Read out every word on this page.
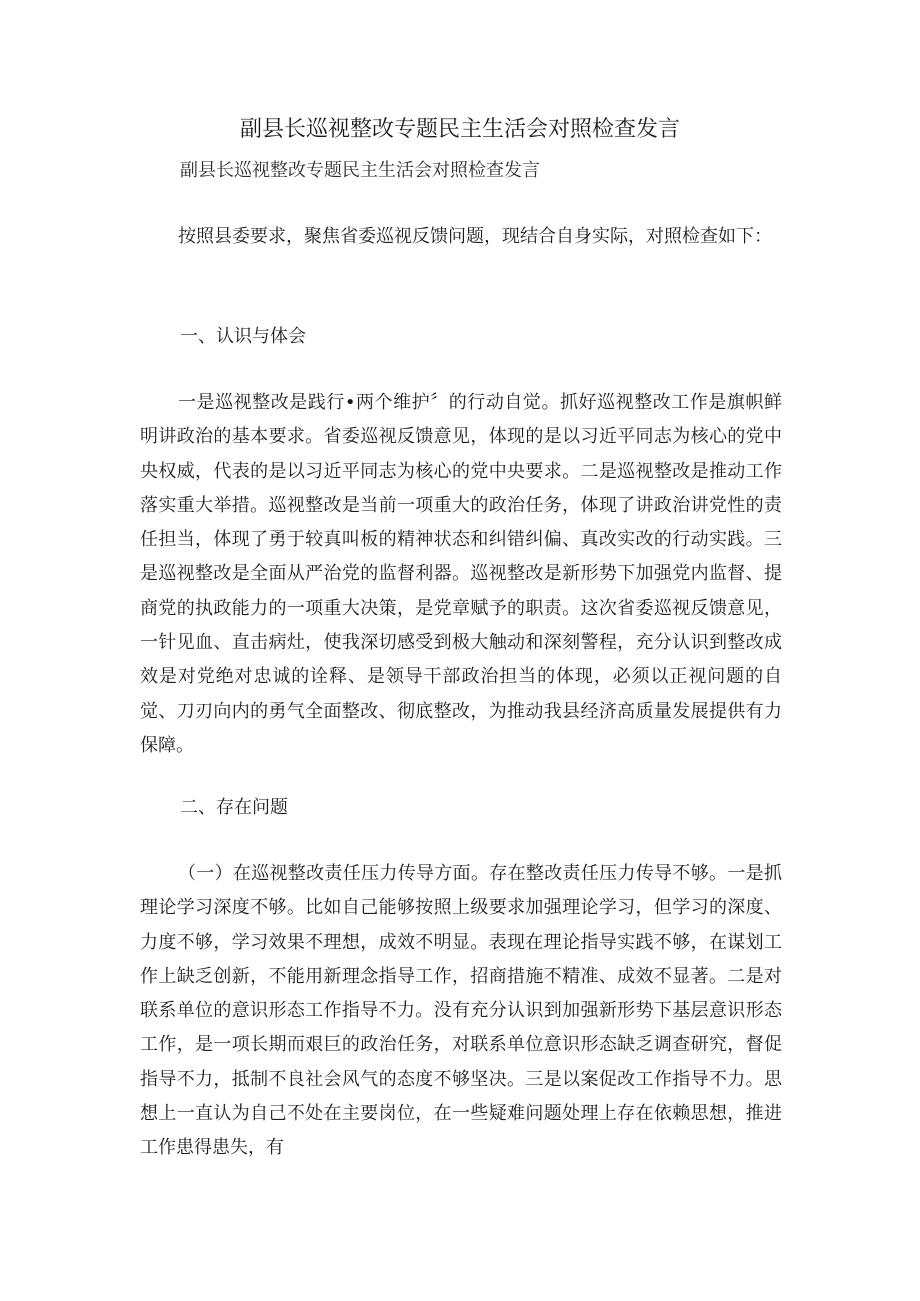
副县长巡视整改专题民主生活会对照检查发言
副县长巡视整改专题民主生活会对照检查发言

按照县委要求，聚焦省委巡视反馈问题，现结合自身实际，对照检查如下：

一、认识与体会

一是巡视整改是践行•两个维护〞的行动自觉。抓好巡视整改工作是旗帜鲜明讲政治的基本要求。省委巡视反馈意见，体现的是以习近平同志为核心的党中央权威，代表的是以习近平同志为核心的党中央要求。二是巡视整改是推动工作落实重大举措。巡视整改是当前一项重大的政治任务，体现了讲政治讲党性的责任担当，体现了勇于较真叫板的精神状态和纠错纠偏、真改实改的行动实践。三是巡视整改是全面从严治党的监督利器。巡视整改是新形势下加强党内监督、提商党的执政能力的一项重大决策，是党章赋予的职责。这次省委巡视反馈意见，一针见血、直击病灶，使我深切感受到极大触动和深刻警程，充分认识到整改成效是对党绝对忠诚的诠释、是领导干部政治担当的体现，必须以正视问题的自觉、刀刃向内的勇气全面整改、彻底整改，为推动我县经济高质量发展提供有力保障。

二、存在问题

（一）在巡视整改责任压力传导方面。存在整改责任压力传导不够。一是抓理论学习深度不够。比如自己能够按照上级要求加强理论学习，但学习的深度、力度不够，学习效果不理想，成效不明显。表现在理论指导实践不够，在谋划工作上缺乏创新，不能用新理念指导工作，招商措施不精准、成效不显著。二是对联系单位的意识形态工作指导不力。没有充分认识到加强新形势下基层意识形态工作，是一项长期而艰巨的政治任务，对联系单位意识形态缺乏调查研究，督促指导不力，抵制不良社会风气的态度不够坚决。三是以案促改工作指导不力。思想上一直认为自己不处在主要岗位，在一些疑难问题处理上存在依赖思想，推进工作患得患失，有
